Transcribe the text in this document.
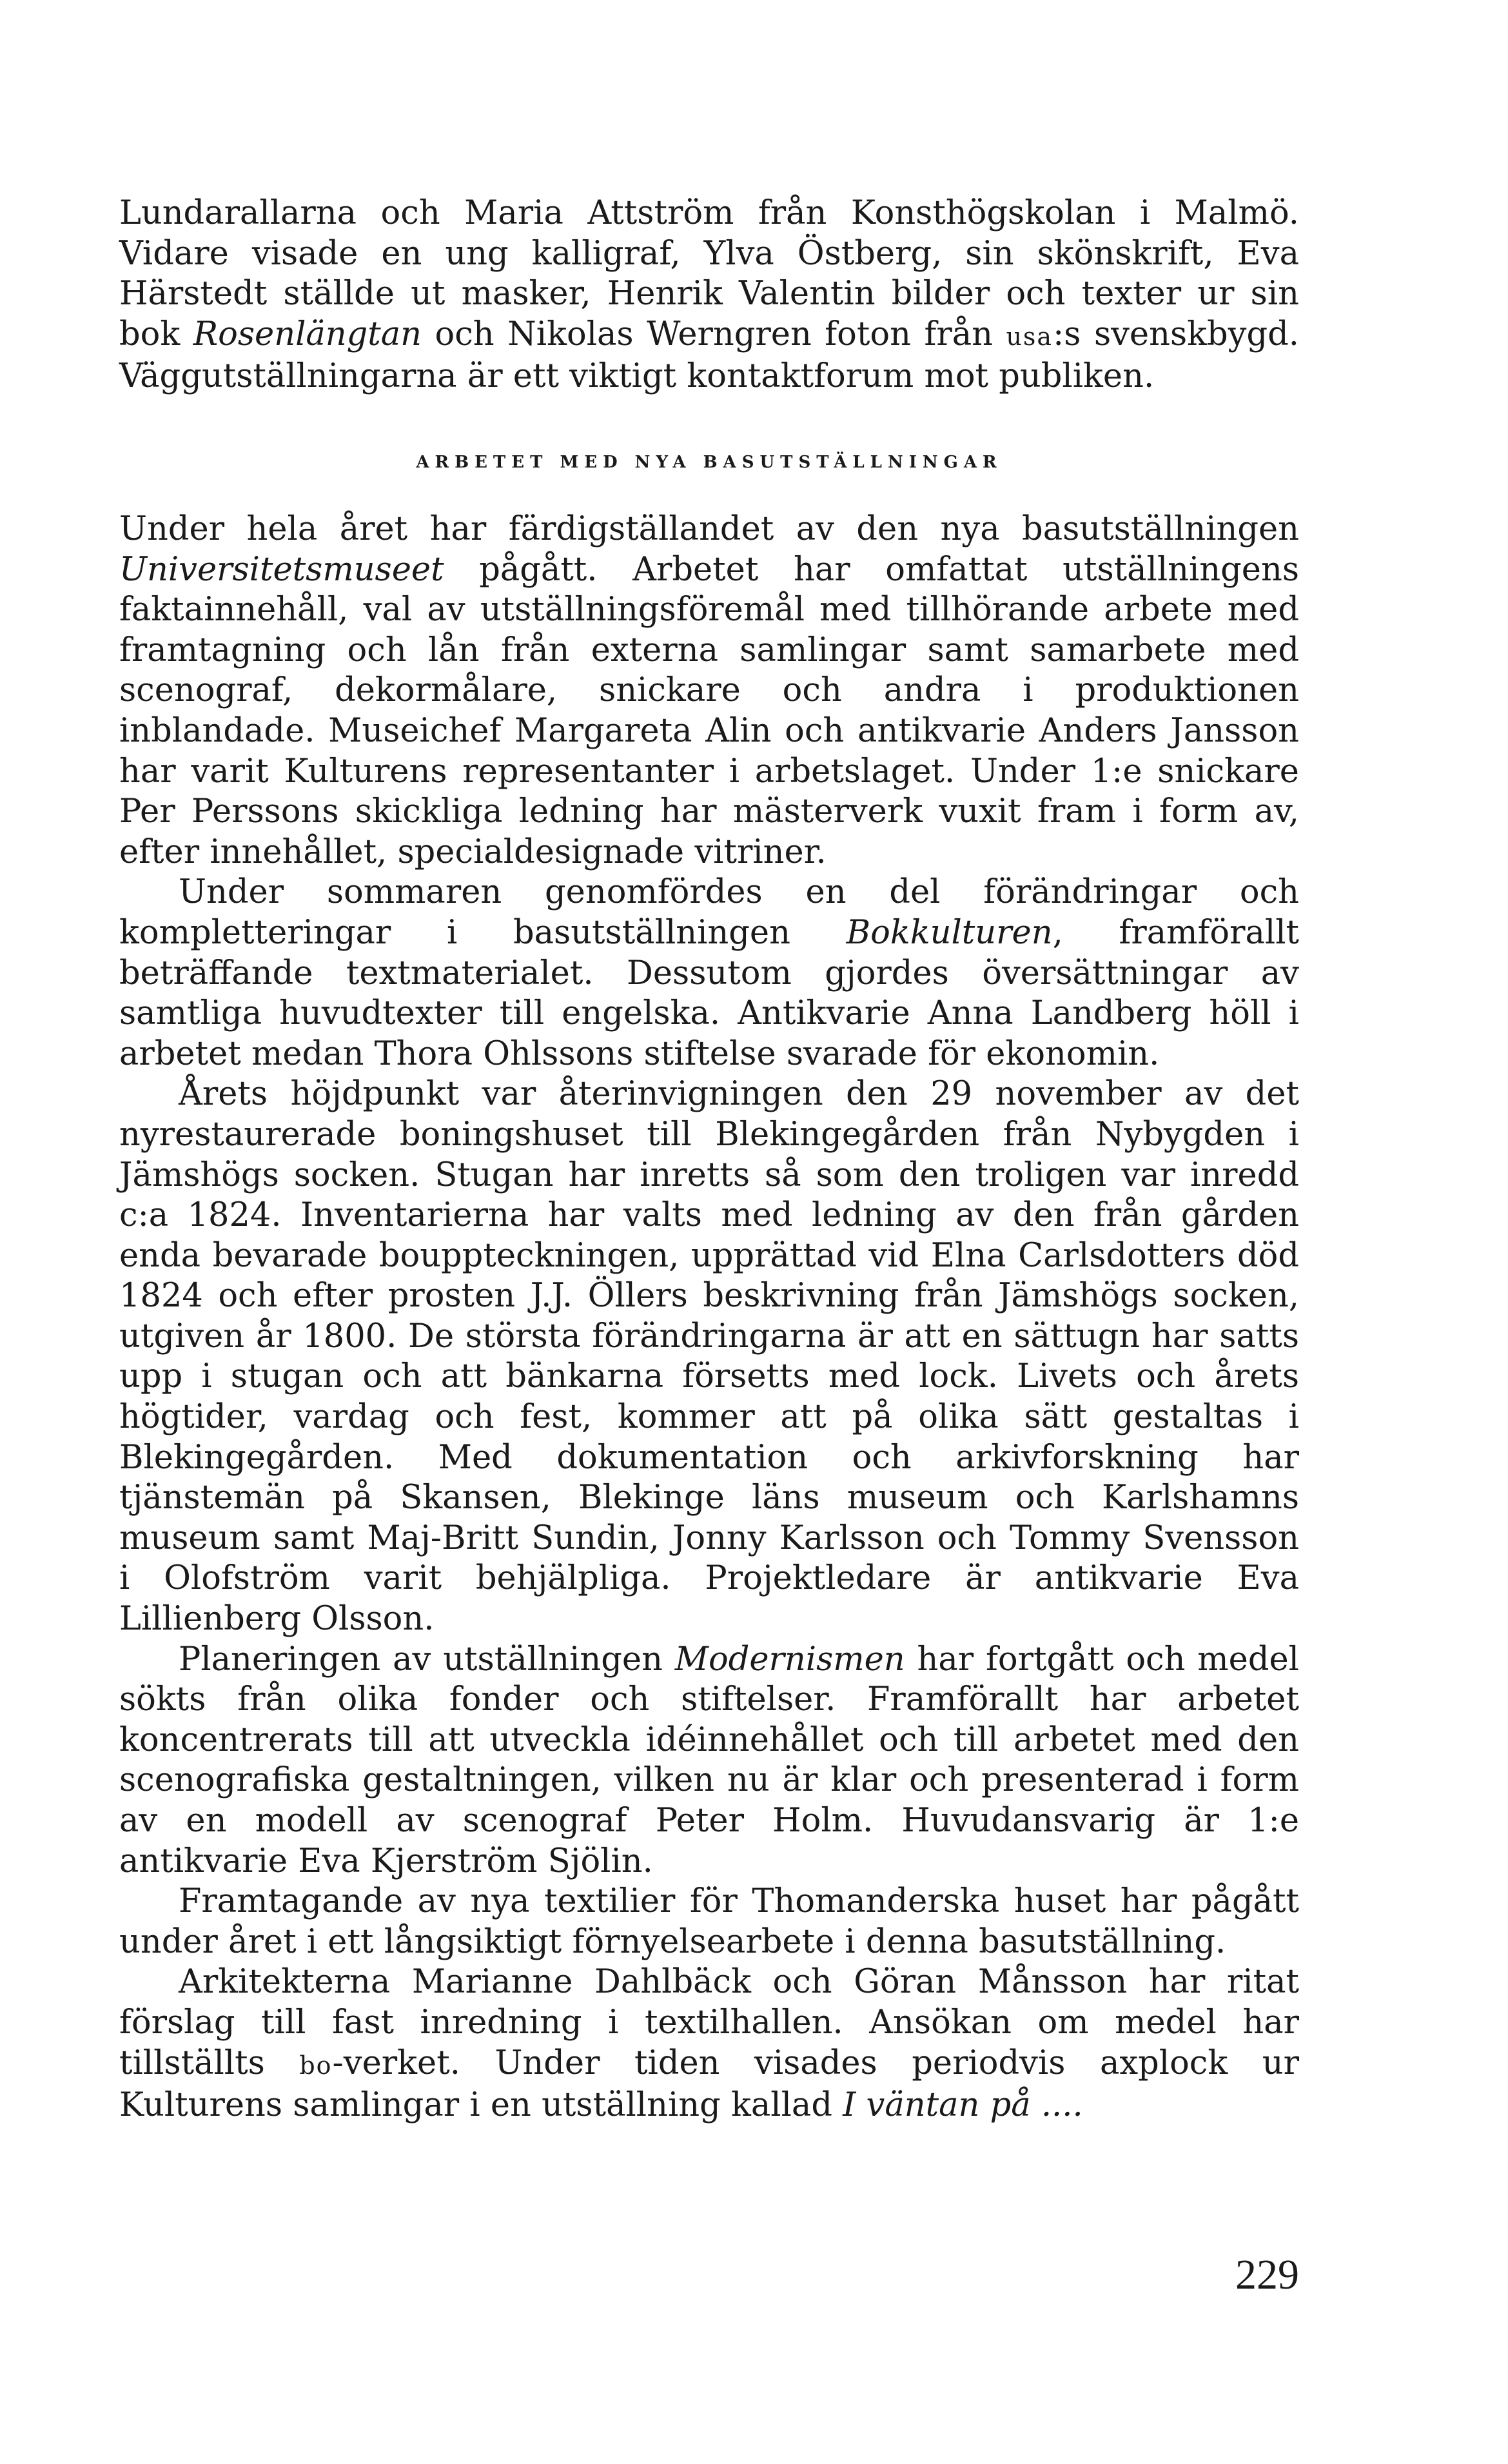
Lundarallarna och Maria Attström från Konsthögskolan i Malmö. Vidare visade en ung kalligraf, Ylva Östberg, sin skönskrift, Eva Härstedt ställde ut masker, Henrik Valentin bilder och texter ur sin bok Rosenlängtan och Nikolas Werngren foton från usa:s svenskbygd. Väggutställningarna är ett viktigt kontaktforum mot publiken.

ARBETET MED NYA BASUTSTÄLLNINGAR

Under hela året har färdigställandet av den nya basutställningen Universitetsmuseet pågått. Arbetet har omfattat utställningens faktainnehåll, val av utställningsföremål med tillhörande arbete med framtagning och lån från externa samlingar samt samarbete med scenograf, dekormålare, snickare och andra i produktionen inblandade. Museichef Margareta Alin och antikvarie Anders Jansson har varit Kulturens representanter i arbetslaget. Under 1:e snickare Per Perssons skickliga ledning har mästerverk vuxit fram i form av, efter innehållet, specialdesignade vitriner.

Under sommaren genomfördes en del förändringar och kompletteringar i basutställningen Bokkulturen, framförallt beträffande textmaterialet. Dessutom gjordes översättningar av samtliga huvudtexter till engelska. Antikvarie Anna Landberg höll i arbetet medan Thora Ohlssons stiftelse svarade för ekonomin.

Årets höjdpunkt var återinvigningen den 29 november av det nyrestaurerade boningshuset till Blekingegården från Nybygden i Jämshögs socken. Stugan har inretts så som den troligen var inredd c:a 1824. Inventarierna har valts med ledning av den från gården enda bevarade bouppteckningen, upprättad vid Elna Carlsdotters död 1824 och efter prosten J.J. Öllers beskrivning från Jämshögs socken, utgiven år 1800. De största förändringarna är att en sättugn har satts upp i stugan och att bänkarna försetts med lock. Livets och årets högtider, vardag och fest, kommer att på olika sätt gestaltas i Blekingegården. Med dokumentation och arkivforskning har tjänstemän på Skansen, Blekinge läns museum och Karlshamns museum samt Maj-Britt Sundin, Jonny Karlsson och Tommy Svensson i Olofström varit behjälpliga. Projektledare är antikvarie Eva Lillienberg Olsson.

Planeringen av utställningen Modernismen har fortgått och medel sökts från olika fonder och stiftelser. Framförallt har arbetet koncentrerats till att utveckla idéinnehållet och till arbetet med den scenografiska gestaltningen, vilken nu är klar och presenterad i form av en modell av scenograf Peter Holm. Huvudansvarig är 1:e antikvarie Eva Kjerström Sjölin.

Framtagande av nya textilier för Thomanderska huset har pågått under året i ett långsiktigt förnyelsearbete i denna basutställning.

Arkitekterna Marianne Dahlbäck och Göran Månsson har ritat förslag till fast inredning i textilhallen. Ansökan om medel har tillställts bo-verket. Under tiden visades periodvis axplock ur Kulturens samlingar i en utställning kallad I väntan på ....

229
